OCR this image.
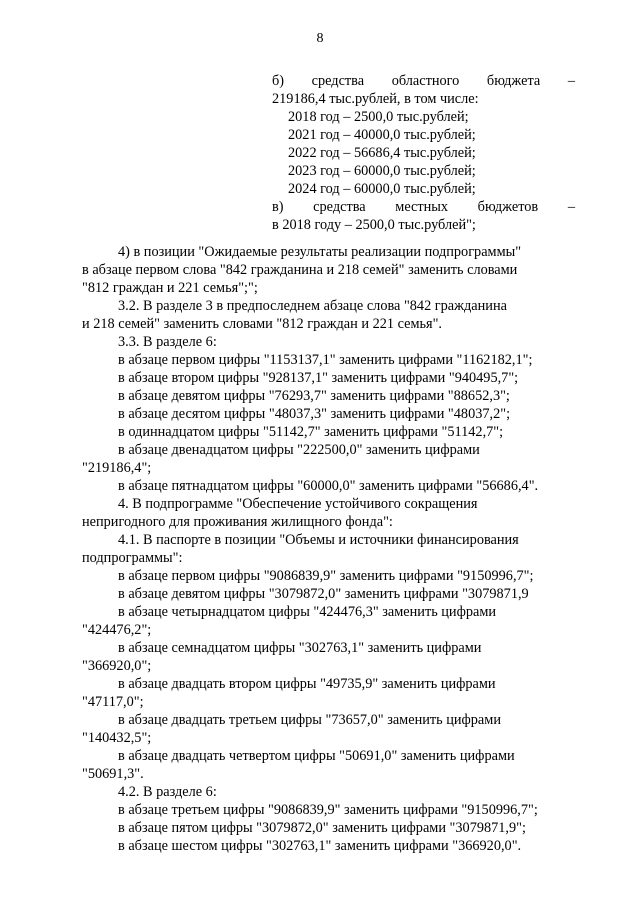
8

б) средства областного бюджета –

219186,4 тыс.рублей, в том числе:

2018 год – 2500,0 тыс.рублей;

2021 год – 40000,0 тыс.рублей;

2022 год – 56686,4 тыс.рублей;

2023 год – 60000,0 тыс.рублей;

2024 год – 60000,0 тыс.рублей;

в) средства местных бюджетов –

в 2018 году – 2500,0 тыс.рублей";

4) в позиции "Ожидаемые результаты реализации подпрограммы"

в абзаце первом слова "842 гражданина и 218 семей" заменить словами

"812 граждан и 221 семья";";

3.2. В разделе 3 в предпоследнем абзаце слова "842 гражданина

и 218 семей" заменить словами "812 граждан и 221 семья".

3.3. В разделе 6:

в абзаце первом цифры "1153137,1" заменить цифрами "1162182,1";

в абзаце втором цифры "928137,1" заменить цифрами "940495,7";

в абзаце девятом цифры "76293,7" заменить цифрами "88652,3";

в абзаце десятом цифры "48037,3" заменить цифрами "48037,2";

в одиннадцатом цифры "51142,7" заменить цифрами "51142,7";

в абзаце двенадцатом цифры "222500,0" заменить цифрами

"219186,4";

в абзаце пятнадцатом цифры "60000,0" заменить цифрами "56686,4".

4. В подпрограмме "Обеспечение устойчивого сокращения

непригодного для проживания жилищного фонда":

4.1. В паспорте в позиции "Объемы и источники финансирования

подпрограммы":

в абзаце первом цифры "9086839,9" заменить цифрами "9150996,7";

в абзаце девятом цифры "3079872,0" заменить цифрами "3079871,9

в абзаце четырнадцатом цифры "424476,3" заменить цифрами

"424476,2";

в абзаце семнадцатом цифры "302763,1" заменить цифрами

"366920,0";

в абзаце двадцать втором цифры "49735,9" заменить цифрами

"47117,0";

в абзаце двадцать третьем цифры "73657,0" заменить цифрами

"140432,5";

в абзаце двадцать четвертом цифры "50691,0" заменить цифрами

"50691,3".

4.2. В разделе 6:

в абзаце третьем цифры "9086839,9" заменить цифрами "9150996,7";

в абзаце пятом цифры "3079872,0" заменить цифрами "3079871,9";

в абзаце шестом цифры "302763,1" заменить цифрами "366920,0".
